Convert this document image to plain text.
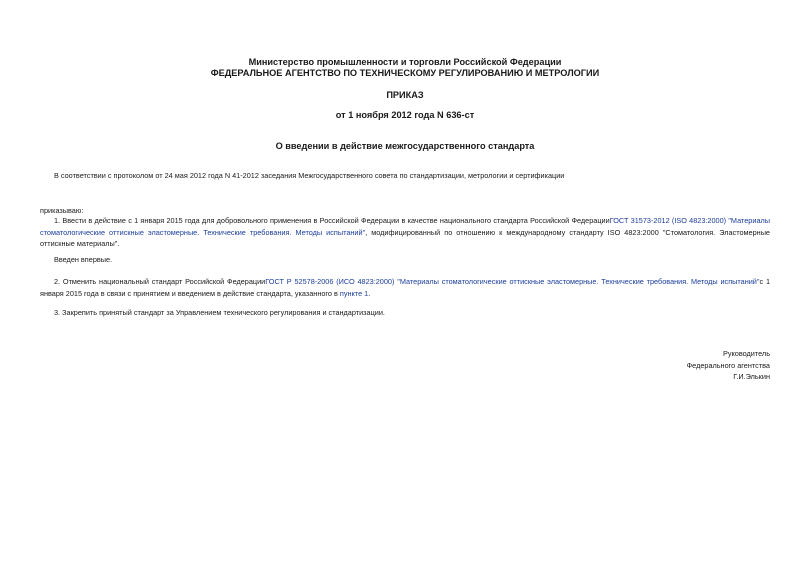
Министерство промышленности и торговли Российской Федерации
ФЕДЕРАЛЬНОЕ АГЕНТСТВО ПО ТЕХНИЧЕСКОМУ РЕГУЛИРОВАНИЮ И МЕТРОЛОГИИ
ПРИКАЗ
от 1 ноября 2012 года N 636-ст
О введении в действие межгосударственного стандарта
В соответствии с протоколом от 24 мая 2012 года N 41-2012 заседания Межгосударственного совета по стандартизации, метрологии и сертификации
приказываю:
1. Ввести в действие с 1 января 2015 года для добровольного применения в Российской Федерации в качестве национального стандарта Российской ФедерацииГОСТ 31573-2012 (ISO 4823:2000) "Материалы стоматологические оттискные эластомерные. Технические требования. Методы испытаний", модифицированный по отношению к международному стандарту ISO 4823:2000 "Стоматология. Эластомерные оттискные материалы".
Введен впервые.
2. Отменить национальный стандарт Российской ФедерацииГОСТ Р 52578-2006 (ИСО 4823:2000) "Материалы стоматологические оттискные эластомерные. Технические требования. Методы испытаний"с 1 января 2015 года в связи с принятием и введением в действие стандарта, указанного в пункте 1.
3. Закрепить принятый стандарт за Управлением технического регулирования и стандартизации.
Руководитель
Федерального агентства
Г.И.Элькин
